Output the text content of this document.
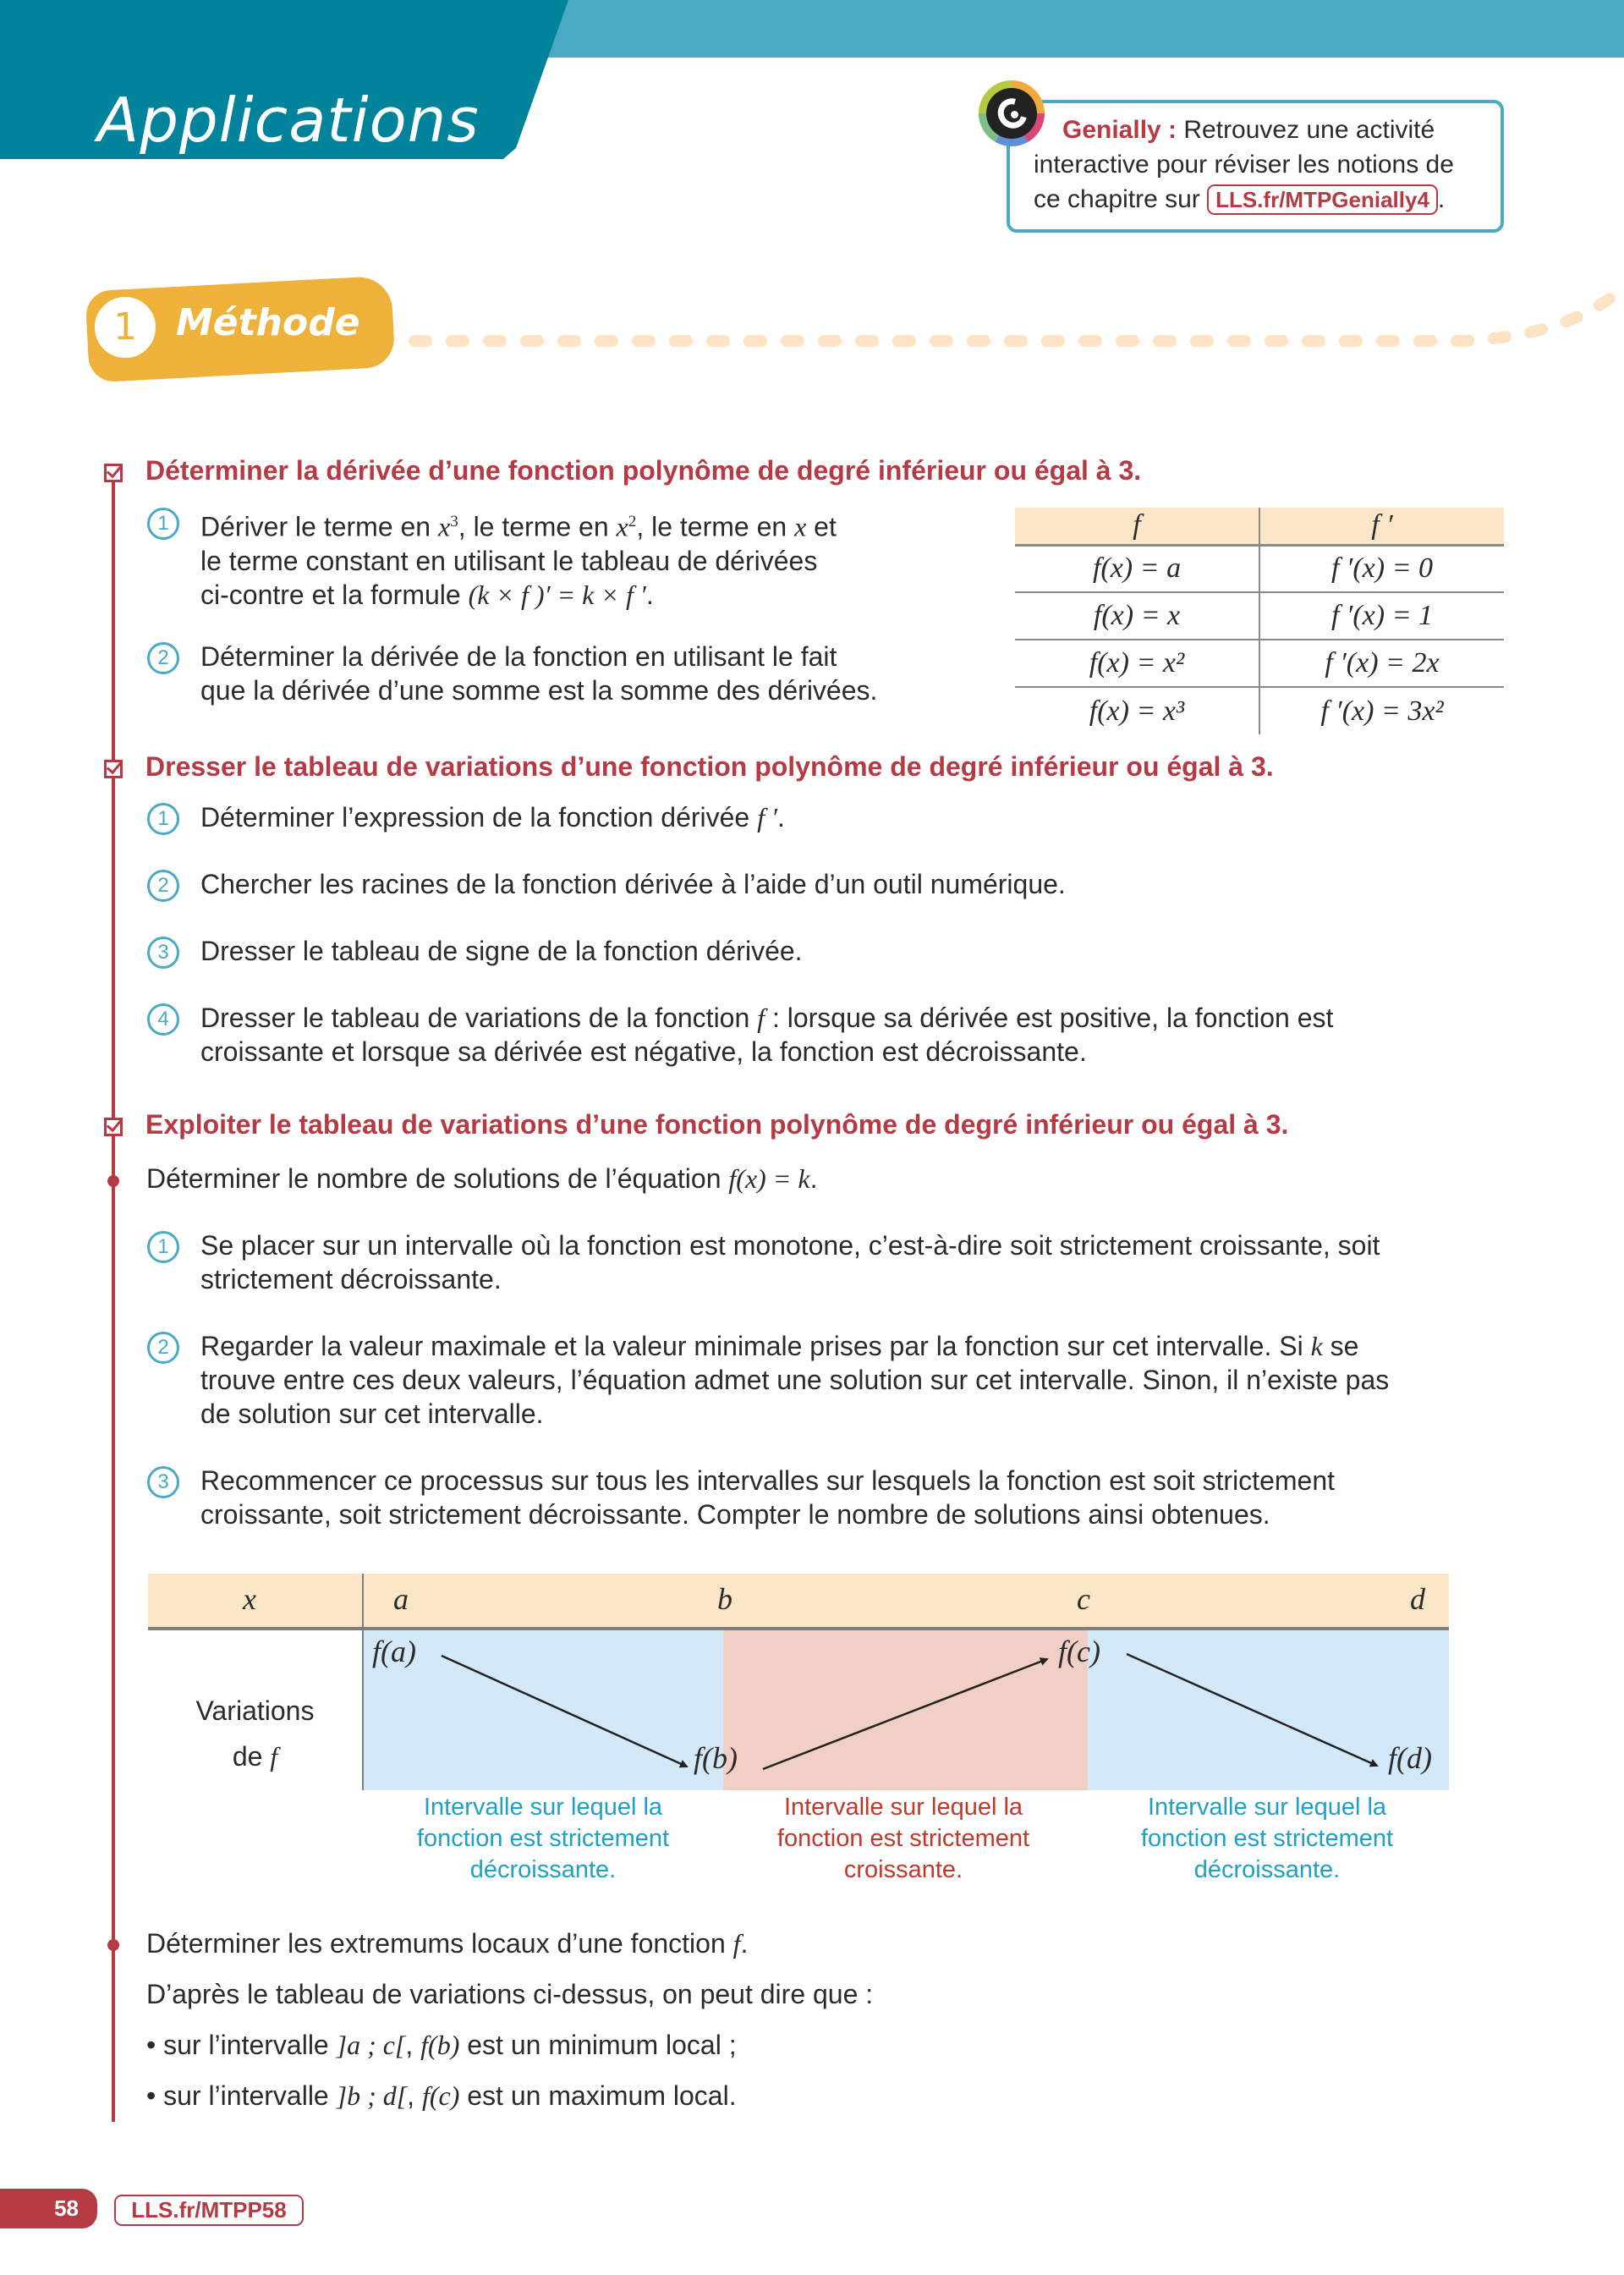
Applications	Genially : Retrouvez une activité
interactive pour réviser les notions de
ce chapitre sur LLS.fr/MTPGenially4 .
1	Méthode
Déterminer la dérivée d’une fonction polynôme de degré inférieur ou égal à 3.
1	Dériver le terme en $x^3$, le terme en $x^2$, le terme en x et
le terme constant en utilisant le tableau de dérivées
ci-contre et la formule (k × f )′ = k × f ′.
2	Déterminer la dérivée de la fonction en utilisant le fait
que la dérivée d’une somme est la somme des dérivées.
f	f ′
f(x) = a	f ′(x) = 0
f(x) = x	f ′(x) = 1
f(x) = x²	f ′(x) = 2x
f(x) = x³	f ′(x) = 3x²
Dresser le tableau de variations d’une fonction polynôme de degré inférieur ou égal à 3.
1	Déterminer l’expression de la fonction dérivée f ′.
2	Chercher les racines de la fonction dérivée à l’aide d’un outil numérique.
3	Dresser le tableau de signe de la fonction dérivée.
4	Dresser le tableau de variations de la fonction f : lorsque sa dérivée est positive, la fonction est
croissante et lorsque sa dérivée est négative, la fonction est décroissante.
Exploiter le tableau de variations d’une fonction polynôme de degré inférieur ou égal à 3.
Déterminer le nombre de solutions de l’équation f(x) = k.
1	Se placer sur un intervalle où la fonction est monotone, c’est-à-dire soit strictement croissante, soit
strictement décroissante.
2	Regarder la valeur maximale et la valeur minimale prises par la fonction sur cet intervalle. Si k se
trouve entre ces deux valeurs, l’équation admet une solution sur cet intervalle. Sinon, il n’existe pas
de solution sur cet intervalle.
3	Recommencer ce processus sur tous les intervalles sur lesquels la fonction est soit strictement
croissante, soit strictement décroissante. Compter le nombre de solutions ainsi obtenues.
x	a	b	c	d
Variations
de f
f(a)
f(b)
f(c)
f(d)
Intervalle sur lequel la
fonction est strictement
décroissante.
Intervalle sur lequel la
fonction est strictement
croissante.
Intervalle sur lequel la
fonction est strictement
décroissante.
Déterminer les extremums locaux d’une fonction f.
D’après le tableau de variations ci-dessus, on peut dire que :
• sur l’intervalle ]a ; c[, f(b) est un minimum local ;
• sur l’intervalle ]b ; d[, f(c) est un maximum local.
58	LLS.fr/MTPP58
